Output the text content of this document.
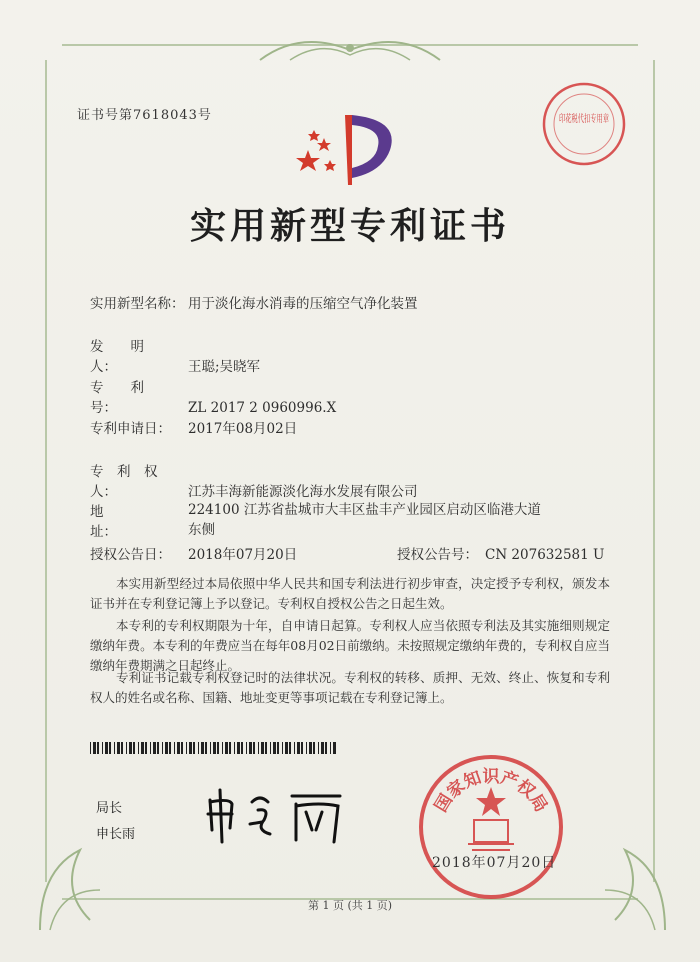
证书号第7618043号
实用新型专利证书
实用新型名称： 用于淡化海水消毒的压缩空气净化装置
发　　明　　人：	王聪;吴晓军
专　　利　　号：	ZL 2017 2 0960996.X
专利申请日： 2017年08月02日
专　利　权　人：	江苏丰海新能源淡化海水发展有限公司
地　　　　　址：224100 江苏省盐城市大丰区盐丰产业园区启动区临港大道东侧
授权公告日： 2018年07月20日	授权公告号： CN 207632581 U
本实用新型经过本局依照中华人民共和国专利法进行初步审查，决定授予专利权，颁发本证书并在专利登记簿上予以登记。专利权自授权公告之日起生效。
本专利的专利权期限为十年，自申请日起算。专利权人应当依照专利法及其实施细则规定缴纳年费。本专利的年费应当在每年08月02日前缴纳。未按照规定缴纳年费的，专利权自应当缴纳年费期满之日起终止。
专利证书记载专利权登记时的法律状况。专利权的转移、质押、无效、终止、恢复和专利权人的姓名或名称、国籍、地址变更等事项记载在专利登记簿上。
局长
申长雨
国家知识产权局
2018年07月20日
印花税代扣专用章
第 1 页 (共 1 页)
